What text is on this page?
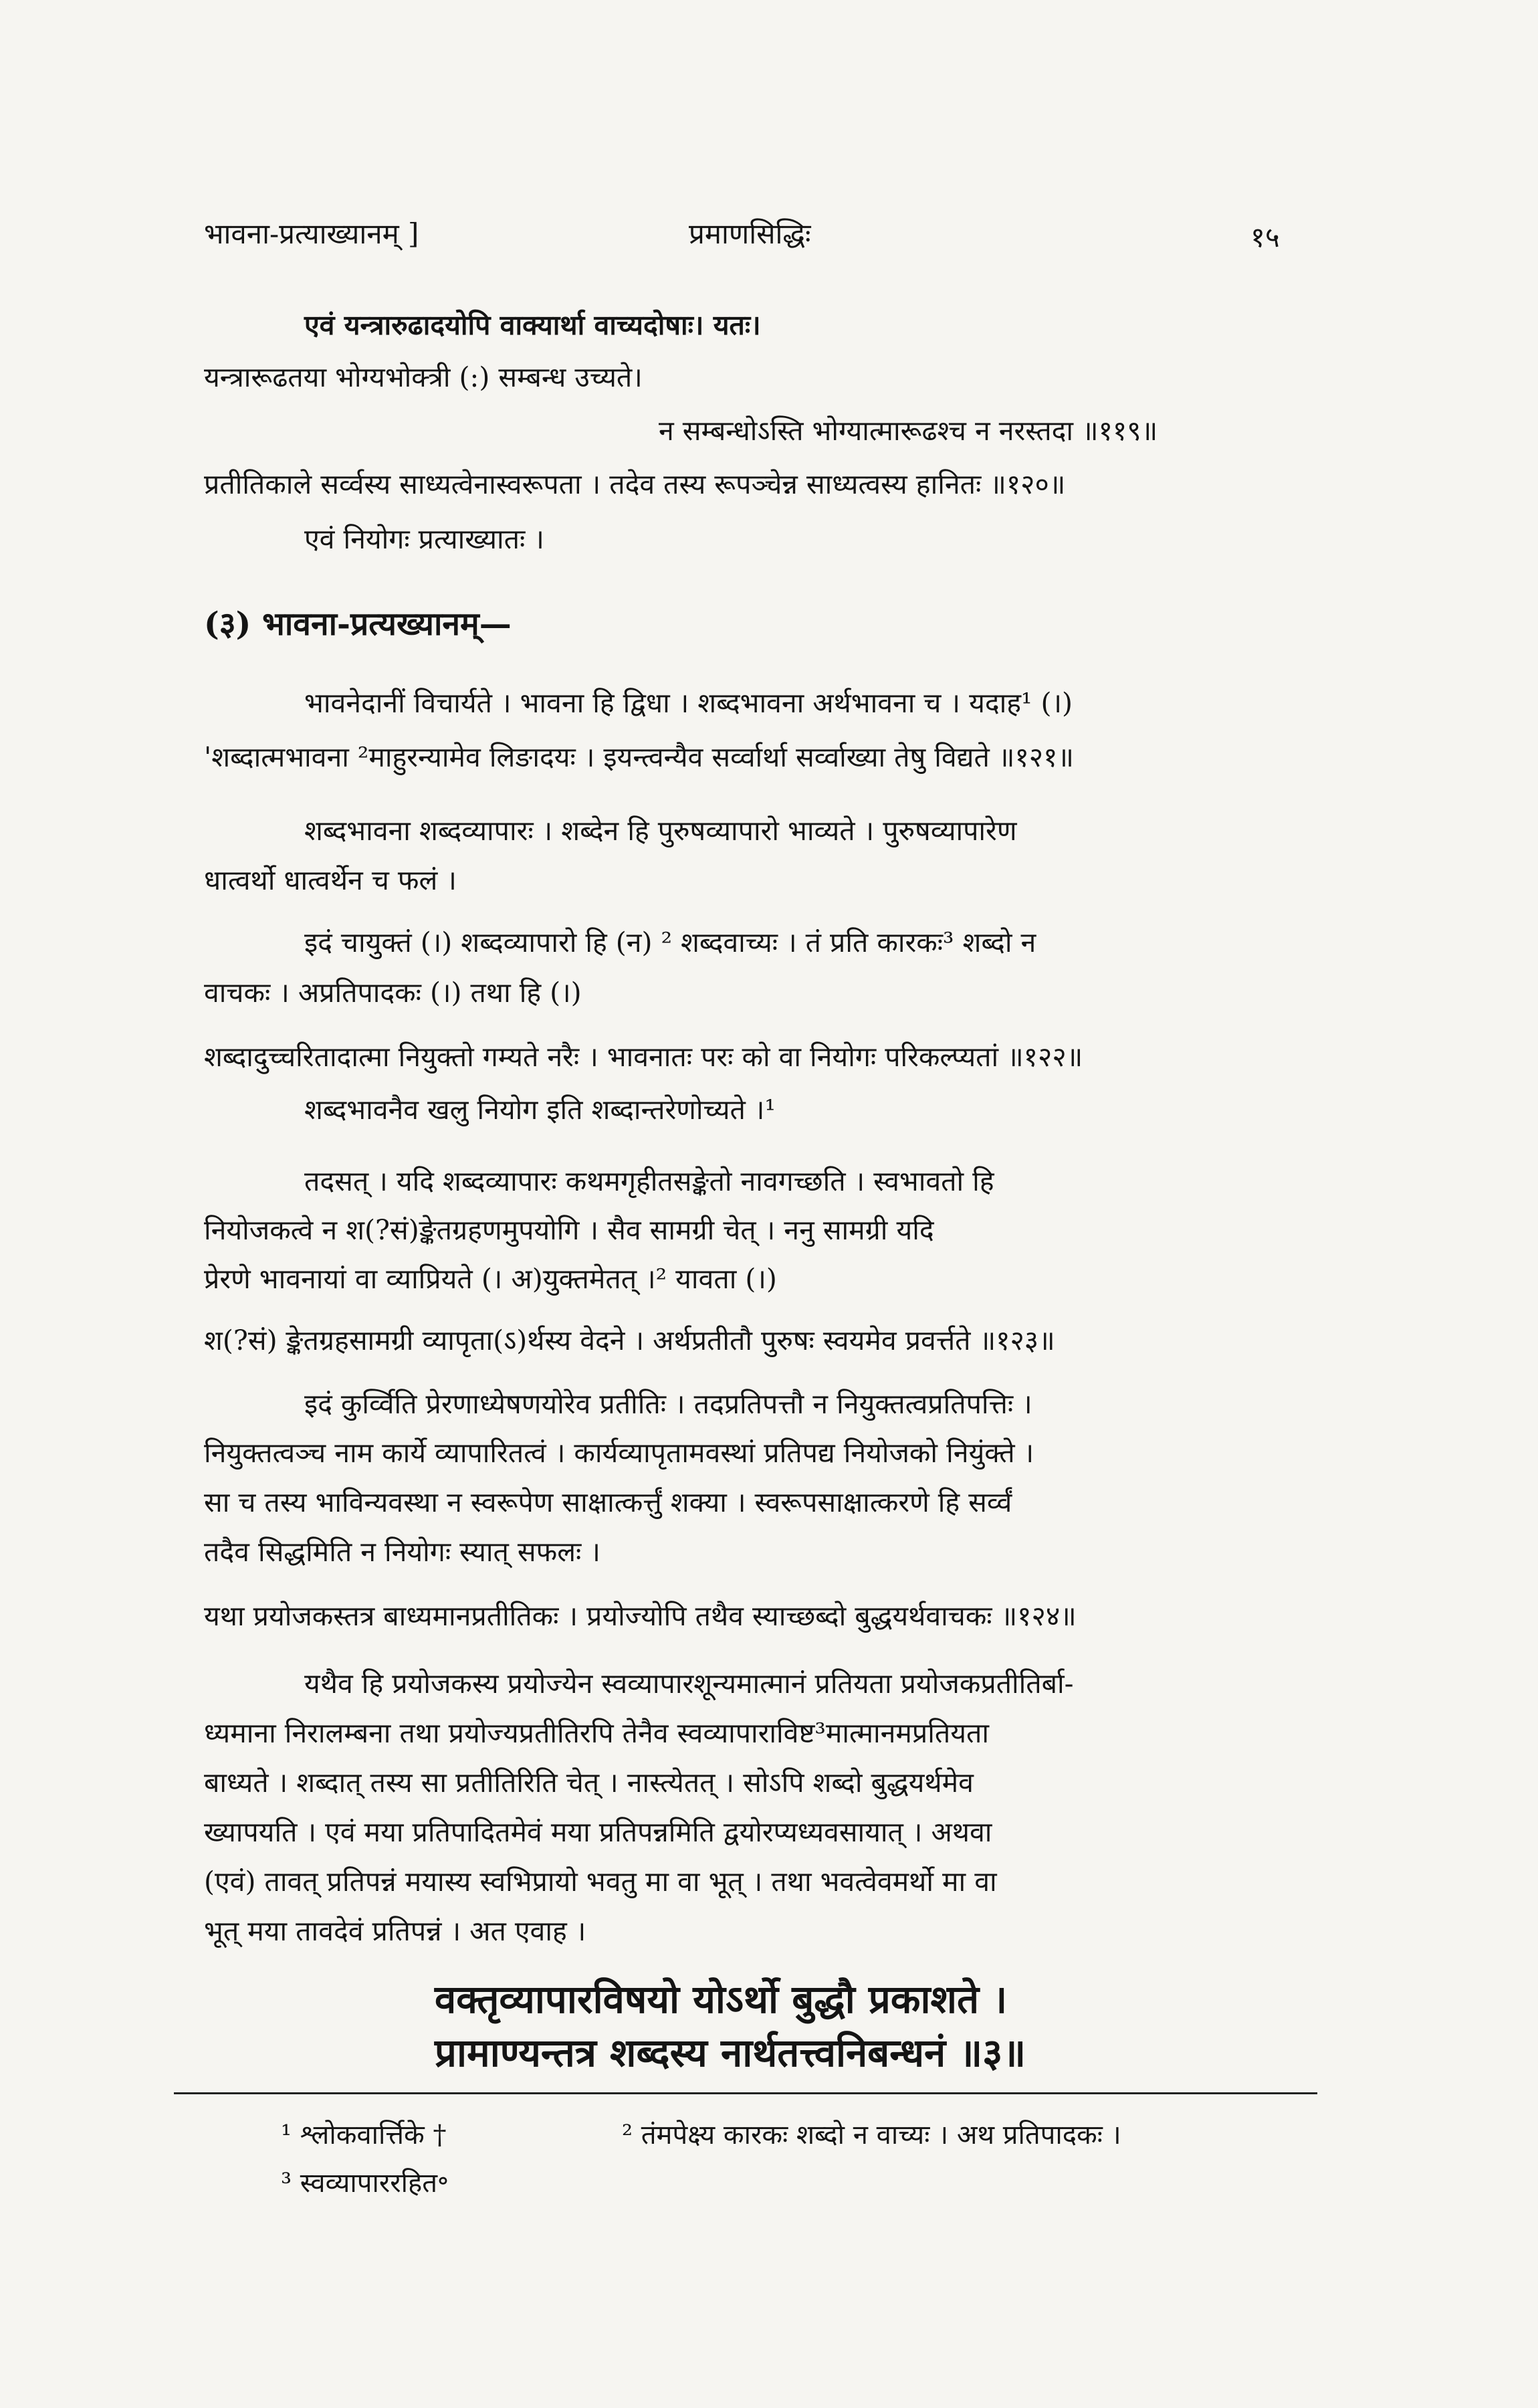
भावना-प्रत्याख्यानम् ]	प्रमाणसिद्धिः	१५
एवं यन्त्रारुढादयोपि वाक्यार्था वाच्यदोषाः। यतः।
यन्त्रारूढतया भोग्यभोक्त्री (:) सम्बन्ध उच्यते।
न सम्बन्धोऽस्ति भोग्यात्मारूढश्च न नरस्तदा ॥११९॥
प्रतीतिकाले सर्व्वस्य साध्यत्वेनास्वरूपता । तदेव तस्य रूपञ्चेन्न साध्यत्वस्य हानितः ॥१२०॥
एवं नियोगः प्रत्याख्यातः ।
(३) भावना-प्रत्यख्यानम्—
भावनेदानीं विचार्यते । भावना हि द्विधा । शब्दभावना अर्थभावना च । यदाह¹ (।)
'शब्दात्मभावना ²माहुरन्यामेव लिङादयः । इयन्त्वन्यैव सर्व्वार्था सर्व्वाख्या तेषु विद्यते ॥१२१॥
शब्दभावना शब्दव्यापारः । शब्देन हि पुरुषव्यापारो भाव्यते । पुरुषव्यापारेण
धात्वर्थो धात्वर्थेन च फलं ।
इदं चायुक्तं (।) शब्दव्यापारो हि (न) ² शब्दवाच्यः । तं प्रति कारकः³ शब्दो न
वाचकः । अप्रतिपादकः (।) तथा हि (।)
शब्दादुच्चरितादात्मा नियुक्तो गम्यते नरैः । भावनातः परः को वा नियोगः परिकल्प्यतां ॥१२२॥
शब्दभावनैव खलु नियोग इति शब्दान्तरेणोच्यते ।¹
तदसत् । यदि शब्दव्यापारः कथमगृहीतसङ्केतो नावगच्छति । स्वभावतो हि
नियोजकत्वे न श(?सं)ङ्केतग्रहणमुपयोगि । सैव सामग्री चेत् । ननु सामग्री यदि
प्रेरणे भावनायां वा व्याप्रियते (। अ)युक्तमेतत् ।² यावता (।)
श(?सं) ङ्केतग्रहसामग्री व्यापृता(ऽ)र्थस्य वेदने । अर्थप्रतीतौ पुरुषः स्वयमेव प्रवर्त्तते ॥१२३॥
इदं कुर्व्विति प्रेरणाध्येषणयोरेव प्रतीतिः । तदप्रतिपत्तौ न नियुक्तत्वप्रतिपत्तिः ।
नियुक्तत्वञ्च नाम कार्ये व्यापारितत्वं । कार्यव्यापृतामवस्थां प्रतिपद्य नियोजको नियुंक्ते ।
सा च तस्य भाविन्यवस्था न स्वरूपेण साक्षात्कर्त्तुं शक्या । स्वरूपसाक्षात्करणे हि सर्व्वं
तदैव सिद्धमिति न नियोगः स्यात् सफलः ।
यथा प्रयोजकस्तत्र बाध्यमानप्रतीतिकः । प्रयोज्योपि तथैव स्याच्छब्दो बुद्धयर्थवाचकः ॥१२४॥
यथैव हि प्रयोजकस्य प्रयोज्येन स्वव्यापारशून्यमात्मानं प्रतियता प्रयोजकप्रतीतिर्बा-
ध्यमाना निरालम्बना तथा प्रयोज्यप्रतीतिरपि तेनैव स्वव्यापाराविष्ट³मात्मानमप्रतियता
बाध्यते । शब्दात् तस्य सा प्रतीतिरिति चेत् । नास्त्येतत् । सोऽपि शब्दो बुद्धयर्थमेव
ख्यापयति । एवं मया प्रतिपादितमेवं मया प्रतिपन्नमिति द्वयोरप्यध्यवसायात् । अथवा
(एवं) तावत् प्रतिपन्नं मयास्य स्वभिप्रायो भवतु मा वा भूत् । तथा भवत्वेवमर्थो मा वा
भूत् मया तावदेवं प्रतिपन्नं । अत एवाह ।
वक्तृव्यापारविषयो योऽर्थो बुद्धौ प्रकाशते ।
प्रामाण्यन्तत्र शब्दस्य नार्थतत्त्वनिबन्धनं ॥३॥
¹ श्लोकवार्त्तिके †	² तंमपेक्ष्य कारकः शब्दो न वाच्यः । अथ प्रतिपादकः ।
³ स्वव्यापाररहित॰
